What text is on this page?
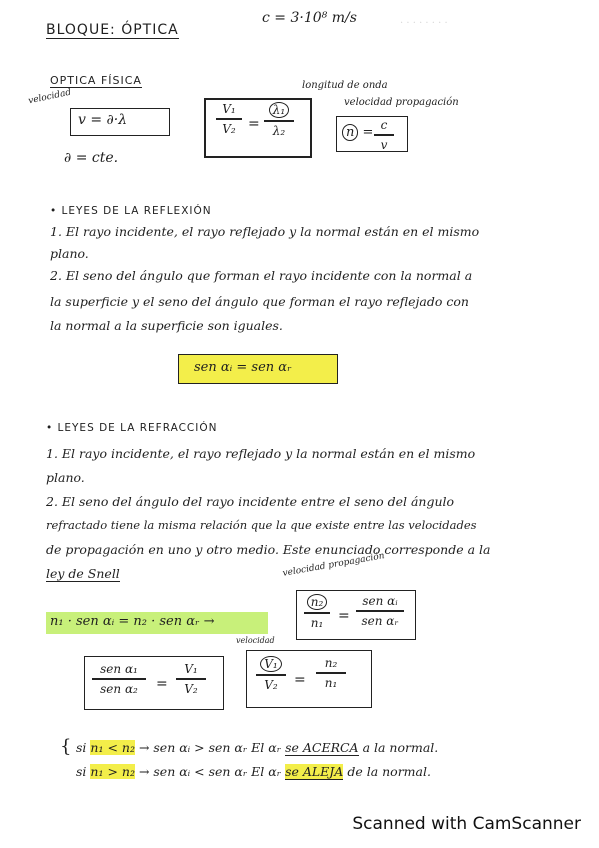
· · · · · · · ·
BLOQUE: ÓPTICA
c = 3·10⁸ m/s
OPTICA FÍSICA
velocidad
v = ∂·λ
∂ = cte.
V₁
V₂ =
λ₁
λ₂
longitud de onda
velocidad propagación
n = c
v
• LEYES DE LA REFLEXIÓN
1. El rayo incidente, el rayo reflejado y la normal están en el mismo
plano.
2. El seno del ángulo que forman el rayo incidente con la normal a
la superficie y el seno del ángulo que forman el rayo reflejado con
la normal a la superficie son iguales.
sen αᵢ = sen αᵣ
• LEYES DE LA REFRACCIÓN
1. El rayo incidente, el rayo reflejado y la normal están en el mismo
plano.
2. El seno del ángulo del rayo incidente entre el seno del ángulo
refractado tiene la misma relación que la que existe entre las velocidades
de propagación en uno y otro medio. Este enunciado corresponde a la
ley de Snell	velocidad propagación
n₁ · sen αᵢ = n₂ · sen αᵣ →
n₂
n₁	=
sen αᵢ
sen αᵣ
velocidad
sen α₁
sen α₂	=
V₁
V₂
V₁
V₂	=
n₂
n₁
{ si n₁ < n₂ → sen αᵢ > sen αᵣ El αᵣ se ACERCA a la normal.
si n₁ > n₂ → sen αᵢ < sen αᵣ El αᵣ se ALEJA de la normal.
Scanned with CamScanner
